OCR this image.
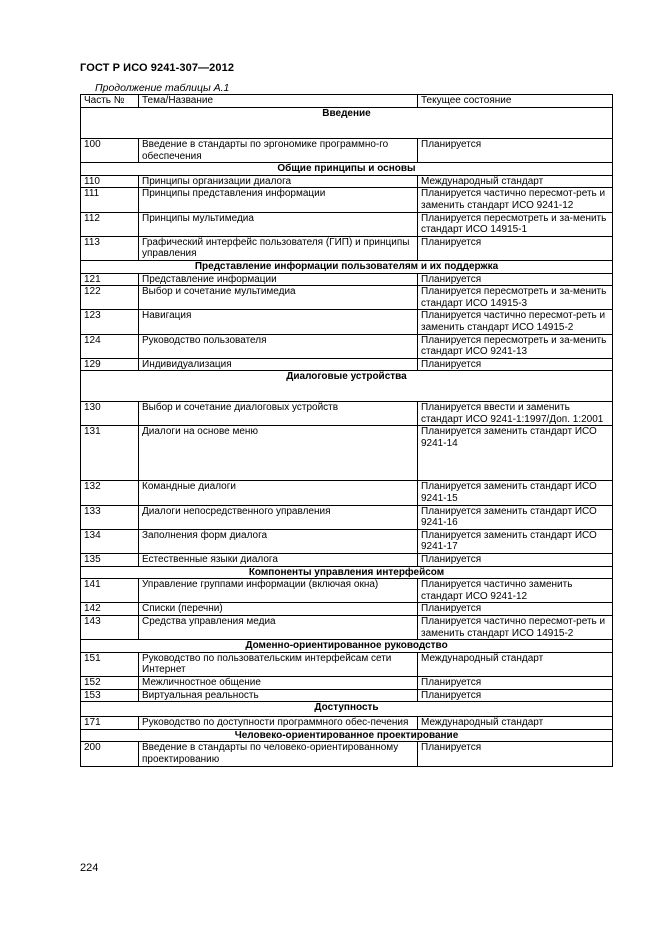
ГОСТ Р ИСО 9241-307—2012
Продолжение таблицы А.1
Часть №	Тема/Название	Текущее состояние
Введение		
100	Введение в стандарты по эргономике программно-го обеспечения	Планируется
Общие принципы и основы		
110	Принципы организации диалога	Международный стандарт
111	Принципы представления информации	Планируется частично пересмот-реть и заменить стандарт ИСО 9241-12
112	Принципы мультимедиа	Планируется пересмотреть и за-менить стандарт ИСО 14915-1
113	Графический интерфейс пользователя (ГИП) и принципы управления	Планируется
Представление информации пользователям и их поддержка		
121	Представление информации	Планируется
122	Выбор и сочетание мультимедиа	Планируется пересмотреть и за-менить стандарт ИСО 14915-3
123	Навигация	Планируется частично пересмот-реть и заменить стандарт ИСО 14915-2
124	Руководство пользователя	Планируется пересмотреть и за-менить стандарт ИСО 9241-13
129	Индивидуализация	Планируется
Диалоговые устройства		
130	Выбор и сочетание диалоговых устройств	Планируется ввести и заменить стандарт ИСО 9241-1:1997/Доп. 1:2001
131	Диалоги на основе меню	Планируется заменить стандарт ИСО 9241-14
132	Командные диалоги	Планируется заменить стандарт ИСО 9241-15
133	Диалоги непосредственного управления	Планируется заменить стандарт ИСО 9241-16
134	Заполнения форм диалога	Планируется заменить стандарт ИСО 9241-17
135	Естественные языки диалога	Планируется
Компоненты управления интерфейсом		
141	Управление группами информации (включая окна)	Планируется частично заменить стандарт ИСО 9241-12
142	Списки (перечни)	Планируется
143	Средства управления медиа	Планируется частично пересмот-реть и заменить стандарт ИСО 14915-2
Доменно-ориентированное руководство		
151	Руководство по пользовательским интерфейсам сети Интернет	Международный стандарт
152	Межличностное общение	Планируется
153	Виртуальная реальность	Планируется
Доступность		
171	Руководство по доступности программного обес-печения	Международный стандарт
Человеко-ориентированное проектирование		
200	Введение в стандарты по человеко-ориентированному проектированию	Планируется
224
